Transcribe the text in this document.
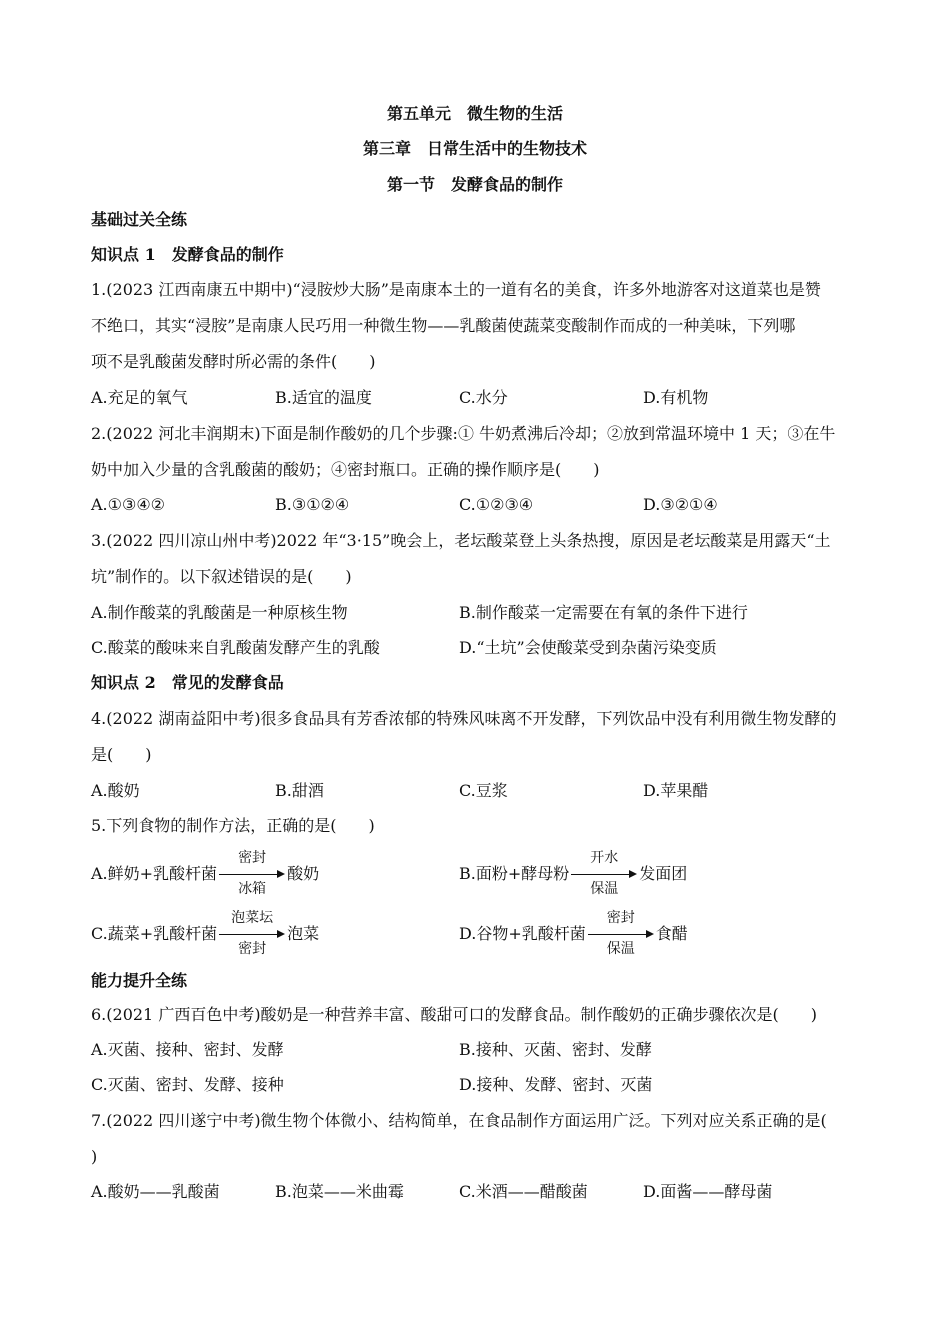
第五单元　微生物的生活
第三章　日常生活中的生物技术
第一节　发酵食品的制作
基础过关全练
知识点 1　发酵食品的制作
1.(2023 江西南康五中期中)“浸胺炒大肠”是南康本土的一道有名的美食，许多外地游客对这道菜也是赞
不绝口，其实“浸胺”是南康人民巧用一种微生物——乳酸菌使蔬菜变酸制作而成的一种美味，下列哪
项不是乳酸菌发酵时所必需的条件(　　)
A.充足的氧气	B.适宜的温度	C.水分	D.有机物
2.(2022 河北丰润期末)下面是制作酸奶的几个步骤:① 牛奶煮沸后冷却；②放到常温环境中 1 天；③在牛
奶中加入少量的含乳酸菌的酸奶；④密封瓶口。正确的操作顺序是(　　)
A.①③④②	B.③①②④	C.①②③④	D.③②①④
3.(2022 四川凉山州中考)2022 年“3·15”晚会上，老坛酸菜登上头条热搜，原因是老坛酸菜是用露天“土
坑”制作的。以下叙述错误的是(　　)
A.制作酸菜的乳酸菌是一种原核生物	B.制作酸菜一定需要在有氧的条件下进行
C.酸菜的酸味来自乳酸菌发酵产生的乳酸	D.“土坑”会使酸菜受到杂菌污染变质
知识点 2　常见的发酵食品
4.(2022 湖南益阳中考)很多食品具有芳香浓郁的特殊风味离不开发酵，下列饮品中没有利用微生物发酵的
是(　　)
A.酸奶	B.甜酒	C.豆浆	D.苹果醋
5.下列食物的制作方法，正确的是(　　)
A.鲜奶+乳酸杆菌
密封
冰箱
酸奶	B.面粉+酵母粉
开水
保温
发面团
C.蔬菜+乳酸杆菌
泡菜坛
密封
泡菜	D.谷物+乳酸杆菌
密封
保温
食醋
能力提升全练
6.(2021 广西百色中考)酸奶是一种营养丰富、酸甜可口的发酵食品。制作酸奶的正确步骤依次是(　　)
A.灭菌、接种、密封、发酵	B.接种、灭菌、密封、发酵
C.灭菌、密封、发酵、接种	D.接种、发酵、密封、灭菌
7.(2022 四川遂宁中考)微生物个体微小、结构简单，在食品制作方面运用广泛。下列对应关系正确的是(
)
A.酸奶——乳酸菌	B.泡菜——米曲霉	C.米酒——醋酸菌	D.面酱——酵母菌
